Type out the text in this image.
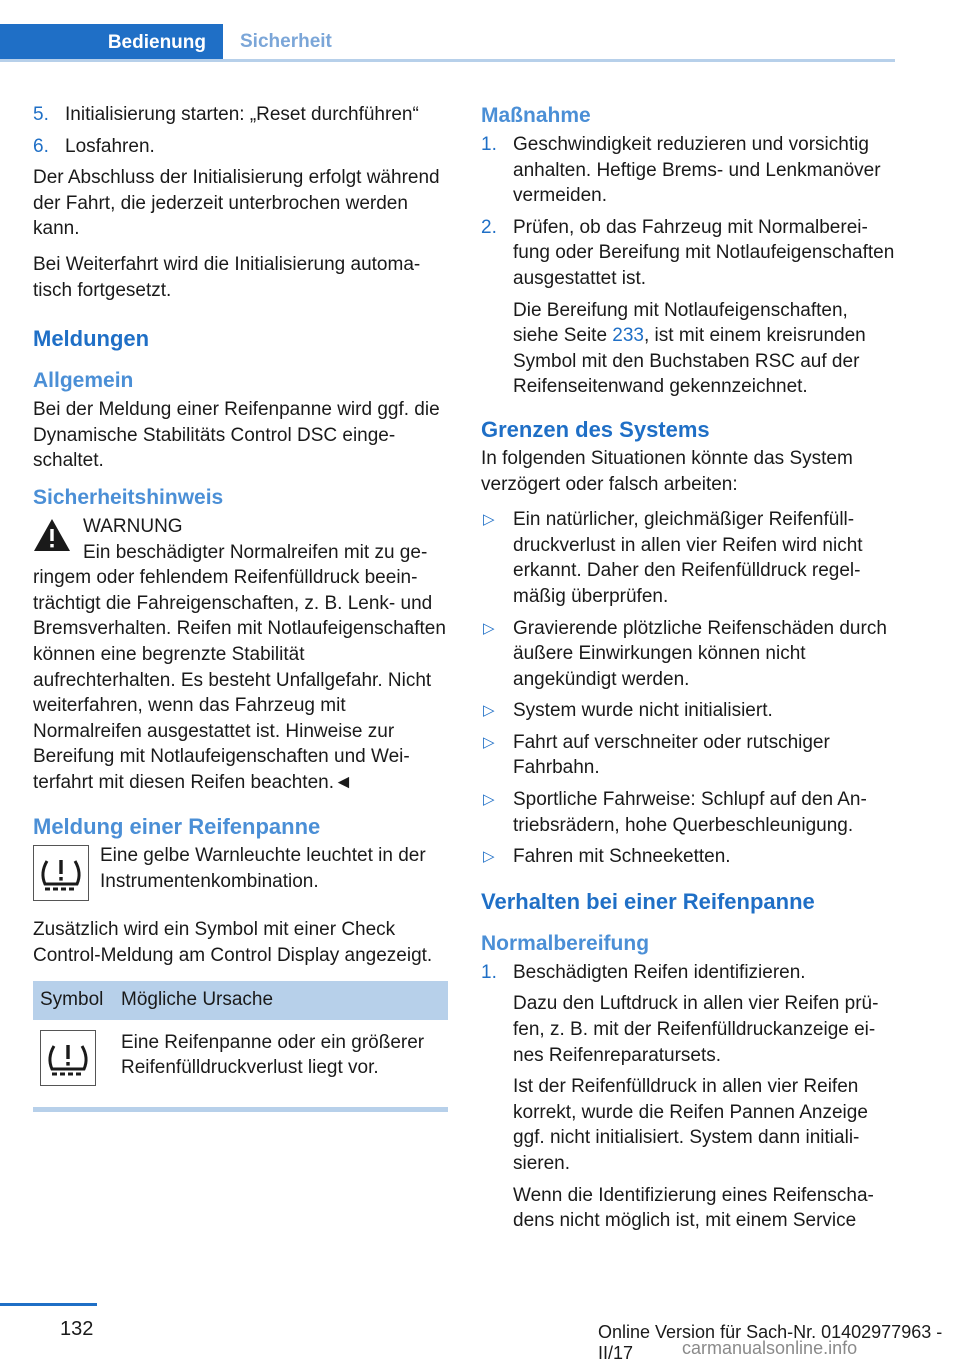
Bedienung	Sicherheit
5. Initialisierung starten: „Reset durchführen“
6. Losfahren.

Der Abschluss der Initialisierung erfolgt während der Fahrt, die jederzeit unterbrochen werden kann.

Bei Weiterfahrt wird die Initialisierung automatisch fortgesetzt.

Meldungen
Allgemein

Bei der Meldung einer Reifenpanne wird ggf. die Dynamische Stabilitäts Control DSC eingeschaltet.

Sicherheitshinweis
WARNUNG

Ein beschädigter Normalreifen mit zu geringem oder fehlendem Reifenfülldruck beeinträchtigt die Fahreigenschaften, z. B. Lenk- und Bremsverhalten. Reifen mit Notlaufeigenschaften können eine begrenzte Stabilität aufrechterhalten. Es besteht Unfallgefahr. Nicht weiterfahren, wenn das Fahrzeug mit Normalreifen ausgestattet ist. Hinweise zur Bereifung mit Notlaufeigenschaften und Weiterfahrt mit diesen Reifen beachten.◄

Meldung einer Reifenpanne

Eine gelbe Warnleuchte leuchtet in der Instrumentenkombination.

Zusätzlich wird ein Symbol mit einer Check Control-Meldung am Control Display angezeigt.

Symbol	Mögliche Ursache
	Eine Reifenpanne oder ein größerer Reifenfülldruckverlust liegt vor.
Maßnahme
1. Geschwindigkeit reduzieren und vorsichtig anhalten. Heftige Brems- und Lenkmanöver vermeiden.
2. Prüfen, ob das Fahrzeug mit Normalbereifung oder Bereifung mit Notlaufeigenschaften ausgestattet ist.
Die Bereifung mit Notlaufeigenschaften, siehe Seite 233, ist mit einem kreisrunden Symbol mit den Buchstaben RSC auf der Reifenseitenwand gekennzeichnet.
Grenzen des Systems

In folgenden Situationen könnte das System verzögert oder falsch arbeiten:

▷ Ein natürlicher, gleichmäßiger Reifenfülldruckverlust in allen vier Reifen wird nicht erkannt. Daher den Reifenfülldruck regelmäßig überprüfen.
▷ Gravierende plötzliche Reifenschäden durch äußere Einwirkungen können nicht angekündigt werden.
▷ System wurde nicht initialisiert.
▷ Fahrt auf verschneiter oder rutschiger Fahrbahn.
▷ Sportliche Fahrweise: Schlupf auf den Antriebsrädern, hohe Querbeschleunigung.
▷ Fahren mit Schneeketten.
Verhalten bei einer Reifenpanne
Normalbereifung
1. Beschädigten Reifen identifizieren.
Dazu den Luftdruck in allen vier Reifen prüfen, z. B. mit der Reifenfülldruckanzeige eines Reifenreparatursets.
Ist der Reifenfülldruck in allen vier Reifen korrekt, wurde die Reifen Pannen Anzeige ggf. nicht initialisiert. System dann initialisieren.
Wenn die Identifizierung eines Reifenschadens nicht möglich ist, mit einem Service
132	Online Version für Sach-Nr. 01402977963 - II/17	carmanualsonline.info
